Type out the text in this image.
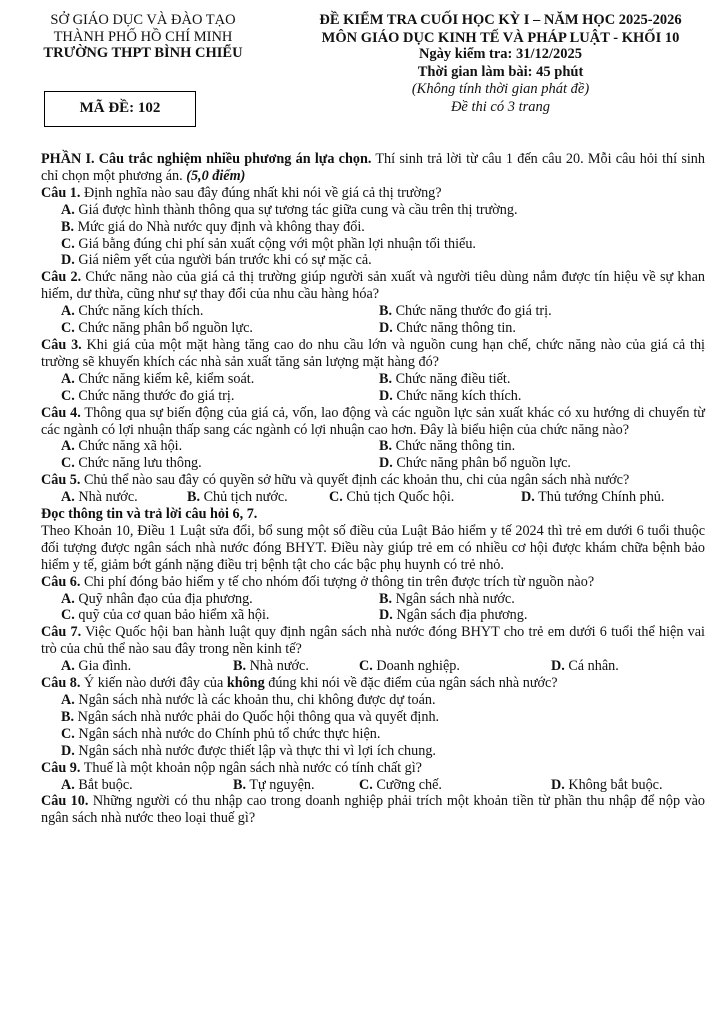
SỞ GIÁO DỤC VÀ ĐÀO TẠO
THÀNH PHỐ HỒ CHÍ MINH
TRƯỜNG THPT BÌNH CHIỂU
MÃ ĐỀ: 102
ĐỀ KIỂM TRA CUỐI HỌC KỲ I – NĂM HỌC 2025-2026
MÔN GIÁO DỤC KINH TẾ VÀ PHÁP LUẬT - KHỐI 10
Ngày kiểm tra: 31/12/2025
Thời gian làm bài: 45 phút
(Không tính thời gian phát đề)
Đề thi có 3 trang

PHẦN I. Câu trắc nghiệm nhiều phương án lựa chọn. Thí sinh trả lời từ câu 1 đến câu 20. Mỗi câu hỏi thí sinh chỉ chọn một phương án. (5,0 điểm)

Câu 1. Định nghĩa nào sau đây đúng nhất khi nói về giá cả thị trường?

A. Giá được hình thành thông qua sự tương tác giữa cung và cầu trên thị trường.
B. Mức giá do Nhà nước quy định và không thay đổi.
C. Giá bằng đúng chi phí sản xuất cộng với một phần lợi nhuận tối thiểu.
D. Giá niêm yết của người bán trước khi có sự mặc cả.

Câu 2. Chức năng nào của giá cả thị trường giúp người sản xuất và người tiêu dùng nắm được tín hiệu về sự khan hiếm, dư thừa, cũng như sự thay đổi của nhu cầu hàng hóa?

A. Chức năng kích thích.	B. Chức năng thước đo giá trị.
C. Chức năng phân bổ nguồn lực.	D. Chức năng thông tin.

Câu 3. Khi giá của một mặt hàng tăng cao do nhu cầu lớn và nguồn cung hạn chế, chức năng nào của giá cả thị trường sẽ khuyến khích các nhà sản xuất tăng sản lượng mặt hàng đó?

A. Chức năng kiểm kê, kiểm soát.	B. Chức năng điều tiết.
C. Chức năng thước đo giá trị.	D. Chức năng kích thích.

Câu 4. Thông qua sự biến động của giá cả, vốn, lao động và các nguồn lực sản xuất khác có xu hướng di chuyển từ các ngành có lợi nhuận thấp sang các ngành có lợi nhuận cao hơn. Đây là biểu hiện của chức năng nào?

A. Chức năng xã hội.	B. Chức năng thông tin.
C. Chức năng lưu thông.	D. Chức năng phân bổ nguồn lực.

Câu 5. Chủ thể nào sau đây có quyền sở hữu và quyết định các khoản thu, chi của ngân sách nhà nước?

A. Nhà nước.	B. Chủ tịch nước.	C. Chủ tịch Quốc hội.	D. Thủ tướng Chính phủ.

Đọc thông tin và trả lời câu hỏi 6, 7.

Theo Khoản 10, Điều 1 Luật sửa đổi, bổ sung một số điều của Luật Bảo hiểm y tế 2024 thì trẻ em dưới 6 tuổi thuộc đối tượng được ngân sách nhà nước đóng BHYT. Điều này giúp trẻ em có nhiều cơ hội được khám chữa bệnh bảo hiểm y tế, giảm bớt gánh nặng điều trị bệnh tật cho các bậc phụ huynh có trẻ nhỏ.

Câu 6. Chi phí đóng bảo hiểm y tế cho nhóm đối tượng ở thông tin trên được trích từ nguồn nào?

A. Quỹ nhân đạo của địa phương.	B. Ngân sách nhà nước.
C. quỹ của cơ quan bảo hiểm xã hội.	D. Ngân sách địa phương.

Câu 7. Việc Quốc hội ban hành luật quy định ngân sách nhà nước đóng BHYT cho trẻ em dưới 6 tuổi thể hiện vai trò của chủ thể nào sau đây trong nền kinh tế?

A. Gia đình.	B. Nhà nước.	C. Doanh nghiệp.	D. Cá nhân.

Câu 8. Ý kiến nào dưới đây của không đúng khi nói về đặc điểm của ngân sách nhà nước?

A. Ngân sách nhà nước là các khoản thu, chi không được dự toán.
B. Ngân sách nhà nước phải do Quốc hội thông qua và quyết định.
C. Ngân sách nhà nước do Chính phủ tổ chức thực hiện.
D. Ngân sách nhà nước được thiết lập và thực thi vì lợi ích chung.

Câu 9. Thuế là một khoản nộp ngân sách nhà nước có tính chất gì?

A. Bắt buộc.	B. Tự nguyện.	C. Cưỡng chế.	D. Không bắt buộc.

Câu 10. Những người có thu nhập cao trong doanh nghiệp phải trích một khoản tiền từ phần thu nhập để nộp vào ngân sách nhà nước theo loại thuế gì?
